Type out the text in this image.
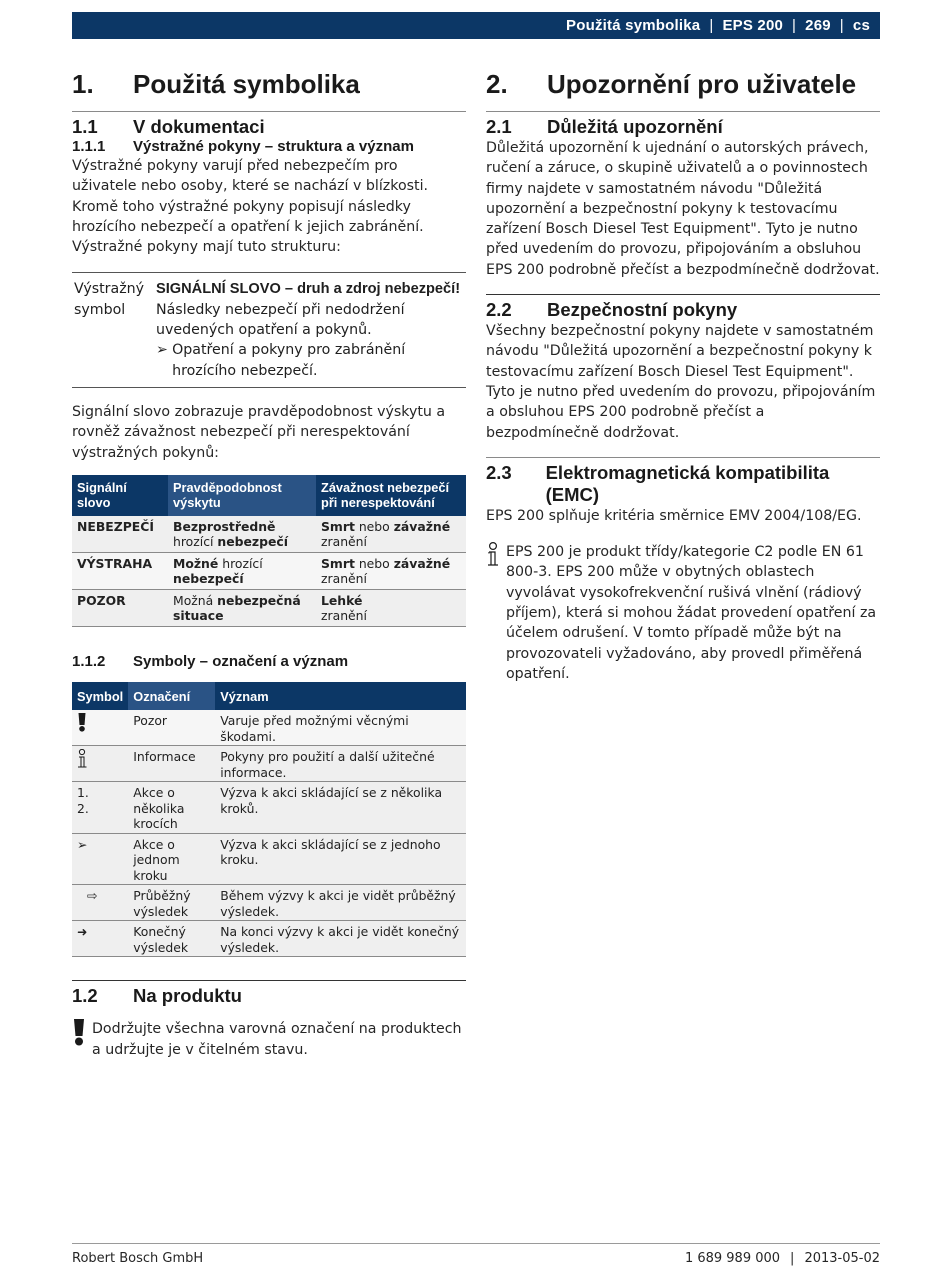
Použitá symbolika | EPS 200 | 269 | cs
1.	Použitá symbolika
1.1	V dokumentaci
1.1.1	Výstražné pokyny – struktura a význam
Výstražné pokyny varují před nebezpečím pro uživatele nebo osoby, které se nachází v blízkosti. Kromě toho výstražné pokyny popisují následky hrozícího nebezpečí a opatření k jejich zabránění. Výstražné pokyny mají tuto strukturu:
Výstražný symbol
SIGNÁLNÍ SLOVO – druh a zdroj nebezpečí!
Následky nebezpečí při nedodržení uvedených opatření a pokynů.
➢ Opatření a pokyny pro zabránění hrozícího nebezpečí.
Signální slovo zobrazuje pravděpodobnost výskytu a rovněž závažnost nebezpečí při nerespektování výstražných pokynů:
Signální slovo	Pravděpodobnost výskytu	Závažnost nebezpečí při nerespektování
NEBEZPEČÍ	Bezprostředně hrozící nebezpečí	Smrt nebo závažné
zranění
VÝSTRAHA	Možné hrozící nebezpečí	Smrt nebo závažné
zranění
POZOR	Možná nebezpečná situace	Lehké
zranění
1.1.2	Symboly – označení a význam
Symbol	Označení	Význam
	Pozor	Varuje před možnými věcnými škodami.
	Informace	Pokyny pro použití a další užitečné informace.
1.
2.	Akce o několika krocích	Výzva k akci skládající se z několika kroků.
➢	Akce o jednom kroku	Výzva k akci skládající se z jednoho kroku.
⇨	Průběžný výsledek	Během výzvy k akci je vidět průběžný výsledek.
➜	Konečný výsledek	Na konci výzvy k akci je vidět konečný výsledek.
1.2	Na produktu
Dodržujte všechna varovná označení na produktech a udržujte je v čitelném stavu.
2.	Upozornění pro uživatele
2.1	Důležitá upozornění
Důležitá upozornění k ujednání o autorských právech, ručení a záruce, o skupině uživatelů a o povinnostech firmy najdete v samostatném návodu "Důležitá upozornění a bezpečnostní pokyny k testovacímu zařízení Bosch Diesel Test Equipment". Tyto je nutno před uvedením do provozu, připojováním a obsluhou EPS 200 podrobně přečíst a bezpodmínečně dodržovat.
2.2	Bezpečnostní pokyny
Všechny bezpečnostní pokyny najdete v samostatném návodu "Důležitá upozornění a bezpečnostní pokyny k testovacímu zařízení Bosch Diesel Test Equipment". Tyto je nutno před uvedením do provozu, připojováním a obsluhou EPS 200 podrobně přečíst a bezpodmínečně dodržovat.
2.3	Elektromagnetická kompatibilita (EMC)
EPS 200 splňuje kritéria směrnice EMV 2004/108/EG.
EPS 200 je produkt třídy/kategorie C2 podle EN 61 800-3. EPS 200 může v obytných oblastech vyvolávat vysokofrekvenční rušivá vlnění (rádiový příjem), která si mohou žádat provedení opatření za účelem odrušení. V tomto případě může být na provozovateli vyžadováno, aby provedl přiměřená opatření.
Robert Bosch GmbH	1 689 989 000 | 2013-05-02
